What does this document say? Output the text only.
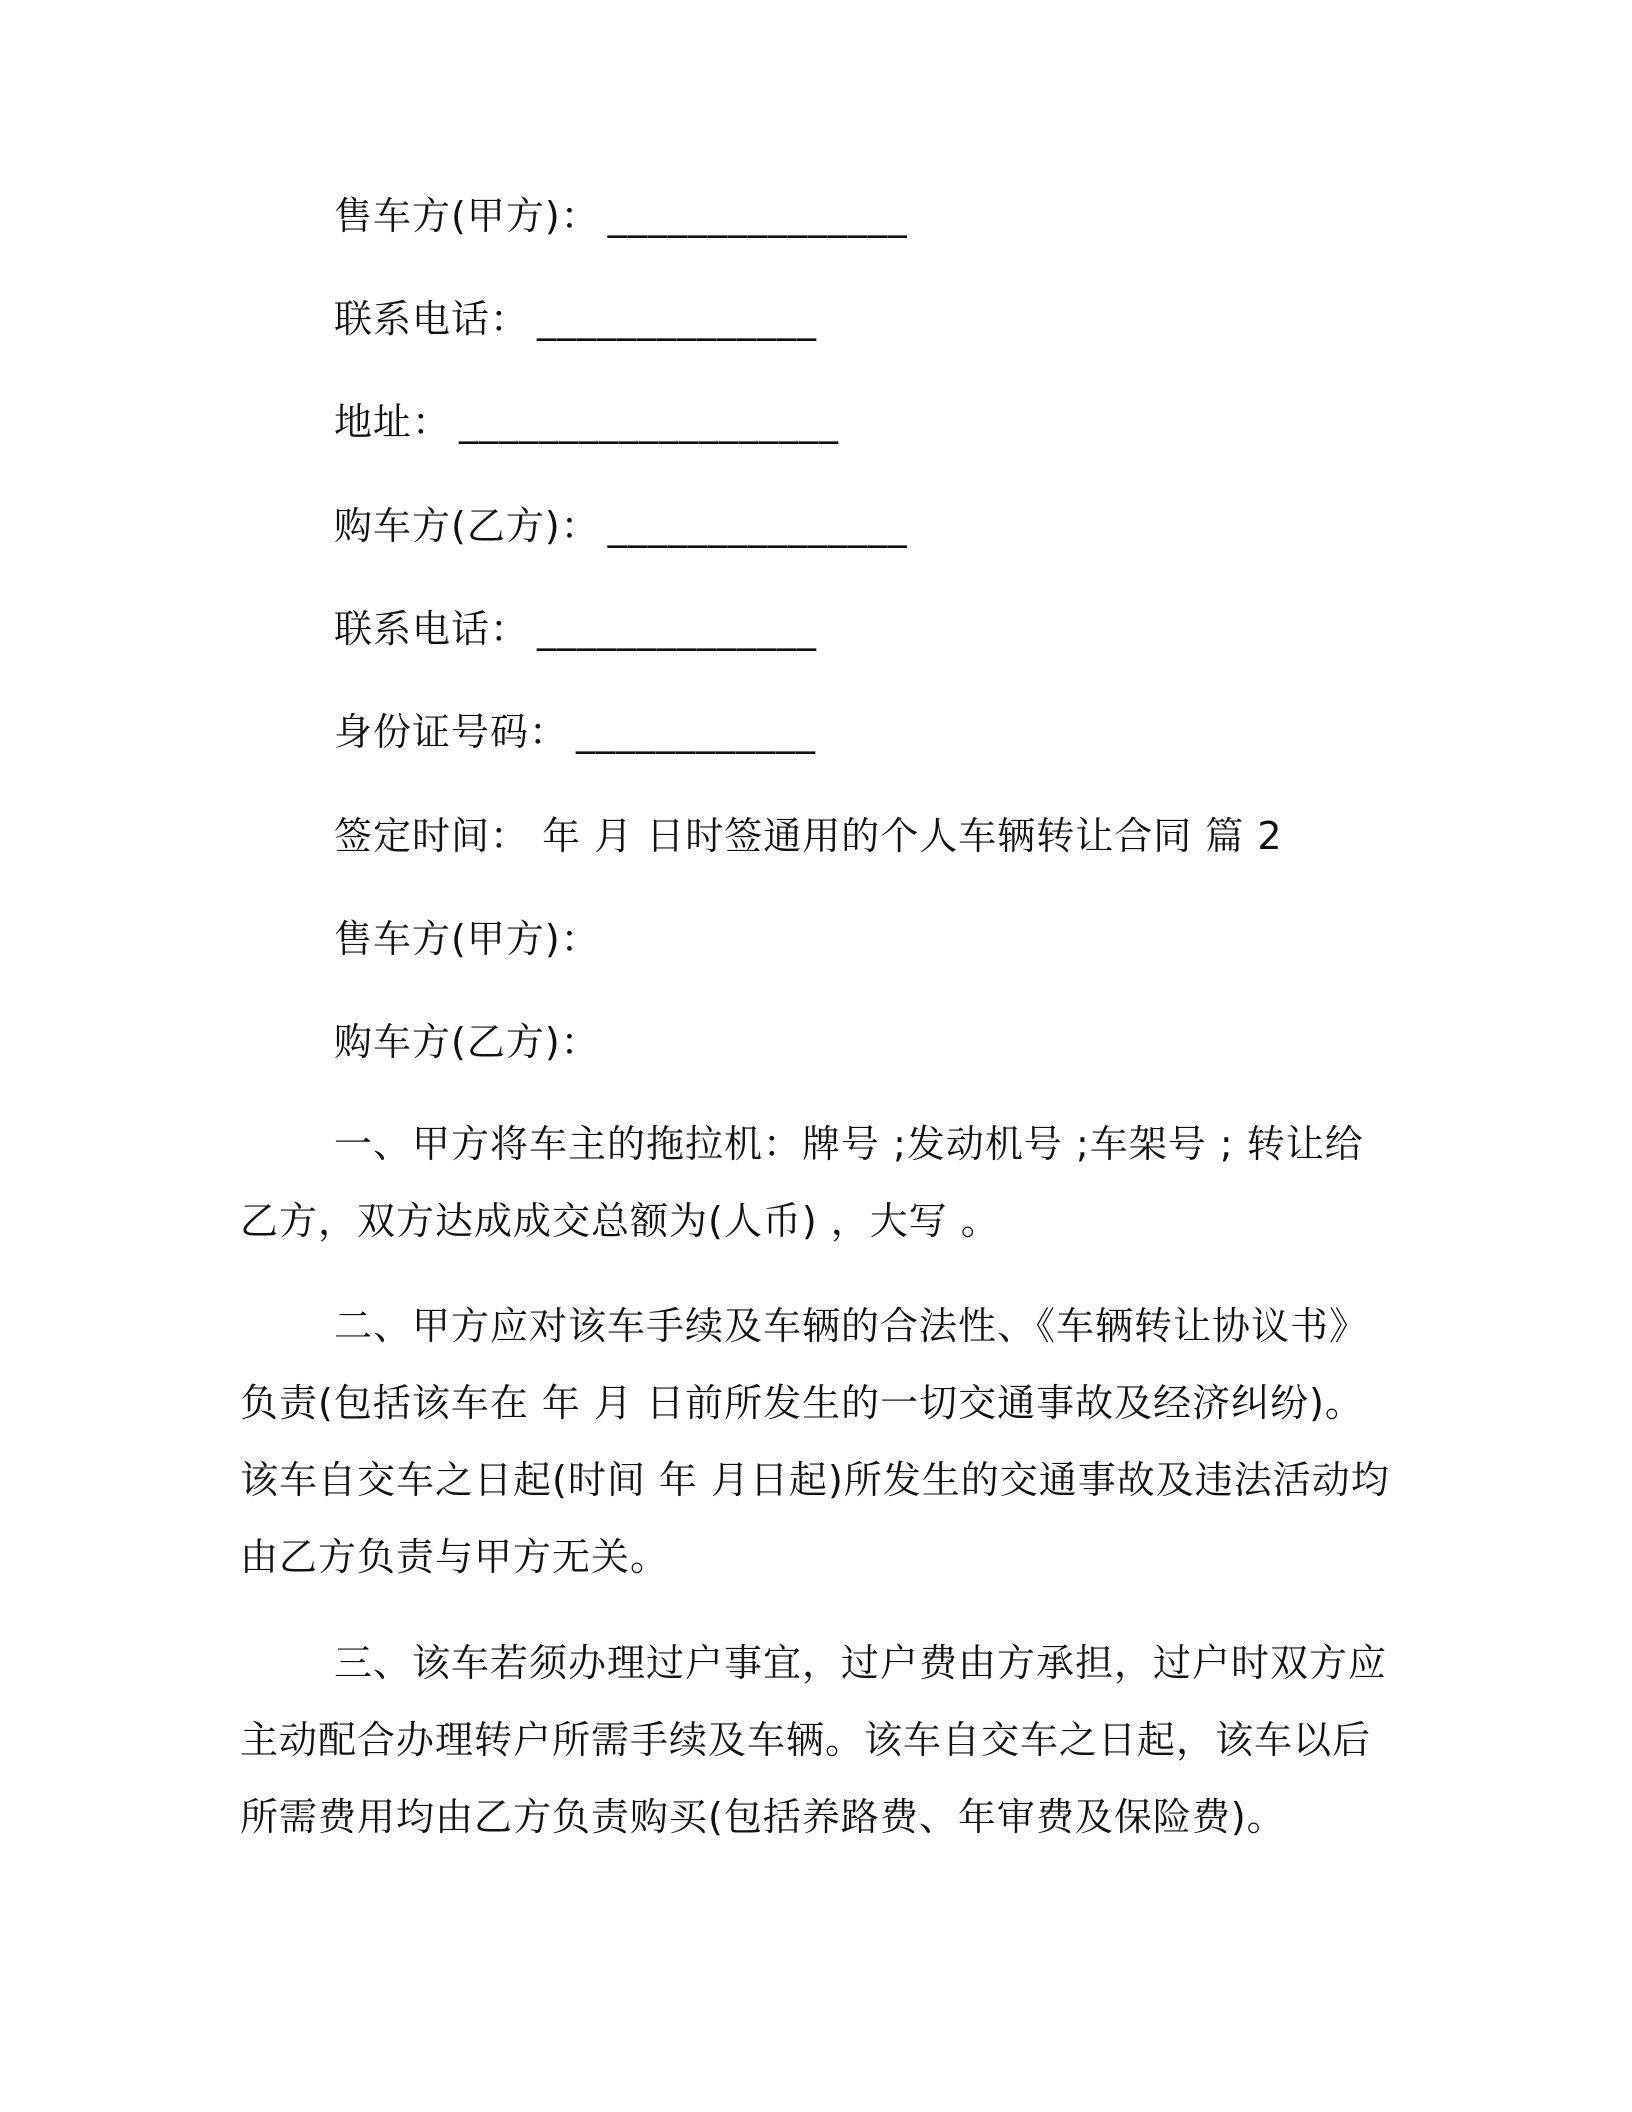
售车方(甲方)： _______________
联系电话： ______________
地址： ___________________
购车方(乙方)： _______________
联系电话： ______________
身份证号码： ____________
签定时间： 年 月 日时签通用的个人车辆转让合同 篇 2
售车方(甲方)：
购车方(乙方)：

一、甲方将车主的拖拉机：牌号 ;发动机号 ;车架号 ; 转让给乙方，双方达成成交总额为(人币) ，大写 。

二、甲方应对该车手续及车辆的合法性、《车辆转让协议书》负责(包括该车在 年 月 日前所发生的一切交通事故及经济纠纷)。该车自交车之日起(时间 年 月日起)所发生的交通事故及违法活动均由乙方负责与甲方无关。

三、该车若须办理过户事宜，过户费由方承担，过户时双方应主动配合办理转户所需手续及车辆。该车自交车之日起，该车以后所需费用均由乙方负责购买(包括养路费、年审费及保险费)。
